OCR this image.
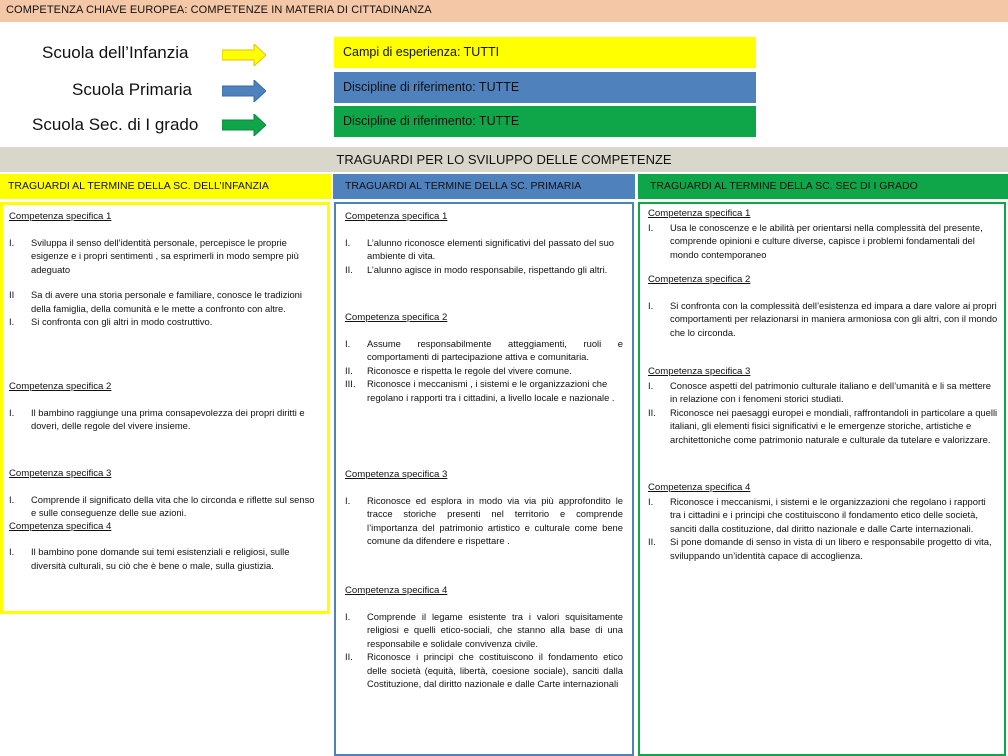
COMPETENZA CHIAVE EUROPEA: COMPETENZE IN MATERIA DI CITTADINANZA
Scuola dell’Infanzia	Campi di esperienza: TUTTI
Scuola Primaria	Discipline di riferimento: TUTTE
Scuola Sec. di I grado	Discipline di riferimento: TUTTE
TRAGUARDI PER LO SVILUPPO DELLE COMPETENZE
TRAGUARDI AL TERMINE DELLA SC. DELL’INFANZIA	TRAGUARDI AL TERMINE DELLA SC. PRIMARIA	TRAGUARDI AL TERMINE DELLA SC. SEC DI I GRADO
Competenza specifica 1
I. Sviluppa il senso dell’identità personale, percepisce le proprie esigenze e i propri sentimenti , sa esprimerli in modo sempre più adeguato
II Sa di avere una storia personale e familiare, conosce le tradizioni della famiglia, della comunità e le mette a confronto con altre.
I. Si confronta con gli altri in modo costruttivo.
Competenza specifica 2
I. Il bambino raggiunge una prima consapevolezza dei propri diritti e doveri, delle regole del vivere insieme.
Competenza specifica 3
I. Comprende il significato della vita che lo circonda e riflette sul senso e sulle conseguenze delle sue azioni.
Competenza specifica 4
I. Il bambino pone domande sui temi esistenziali e religiosi, sulle diversità culturali, su ciò che è bene o male, sulla giustizia.
Competenza specifica 1
I. L’alunno riconosce elementi significativi del passato del suo ambiente di vita.
II. L’alunno agisce in modo responsabile, rispettando gli altri.
Competenza specifica 2
I. Assume responsabilmente atteggiamenti, ruoli e comportamenti di partecipazione attiva e comunitaria.
II. Riconosce e rispetta le regole del vivere comune.
III. Riconosce i meccanismi , i sistemi e le organizzazioni che regolano i rapporti tra i cittadini, a livello locale e nazionale .
Competenza specifica 3
I. Riconosce ed esplora in modo via via più approfondito le tracce storiche presenti nel territorio e comprende l’importanza del patrimonio artistico e culturale come bene comune da difendere e rispettare .
Competenza specifica 4
I. Comprende il legame esistente tra i valori squisitamente religiosi e quelli etico-sociali, che stanno alla base di una responsabile e solidale convivenza civile.
II. Riconosce i principi che costituiscono il fondamento etico delle società (equità, libertà, coesione sociale), sanciti dalla Costituzione, dal diritto nazionale e dalle Carte internazionali
Competenza specifica 1
I. Usa le conoscenze e le abilità per orientarsi nella complessità del presente, comprende opinioni e culture diverse, capisce i problemi fondamentali del mondo contemporaneo
Competenza specifica 2
I. Si confronta con la complessità dell’esistenza ed impara a dare valore ai propri comportamenti per relazionarsi in maniera armoniosa con gli altri, con il mondo che lo circonda.
Competenza specifica 3
I. Conosce aspetti del patrimonio culturale italiano e dell’umanità e li sa mettere in relazione con i fenomeni storici studiati.
II. Riconosce nei paesaggi europei e mondiali, raffrontandoli in particolare a quelli italiani, gli elementi fisici significativi e le emergenze storiche, artistiche e architettoniche come patrimonio naturale e culturale da tutelare e valorizzare.
Competenza specifica 4
I. Riconosce i meccanismi, i sistemi e le organizzazioni che regolano i rapporti tra i cittadini e i principi che costituiscono il fondamento etico delle società, sanciti dalla costituzione, dal diritto nazionale e dalle Carte internazionali.
II. Si pone domande di senso in vista di un libero e responsabile progetto di vita, sviluppando un’identità capace di accoglienza.
